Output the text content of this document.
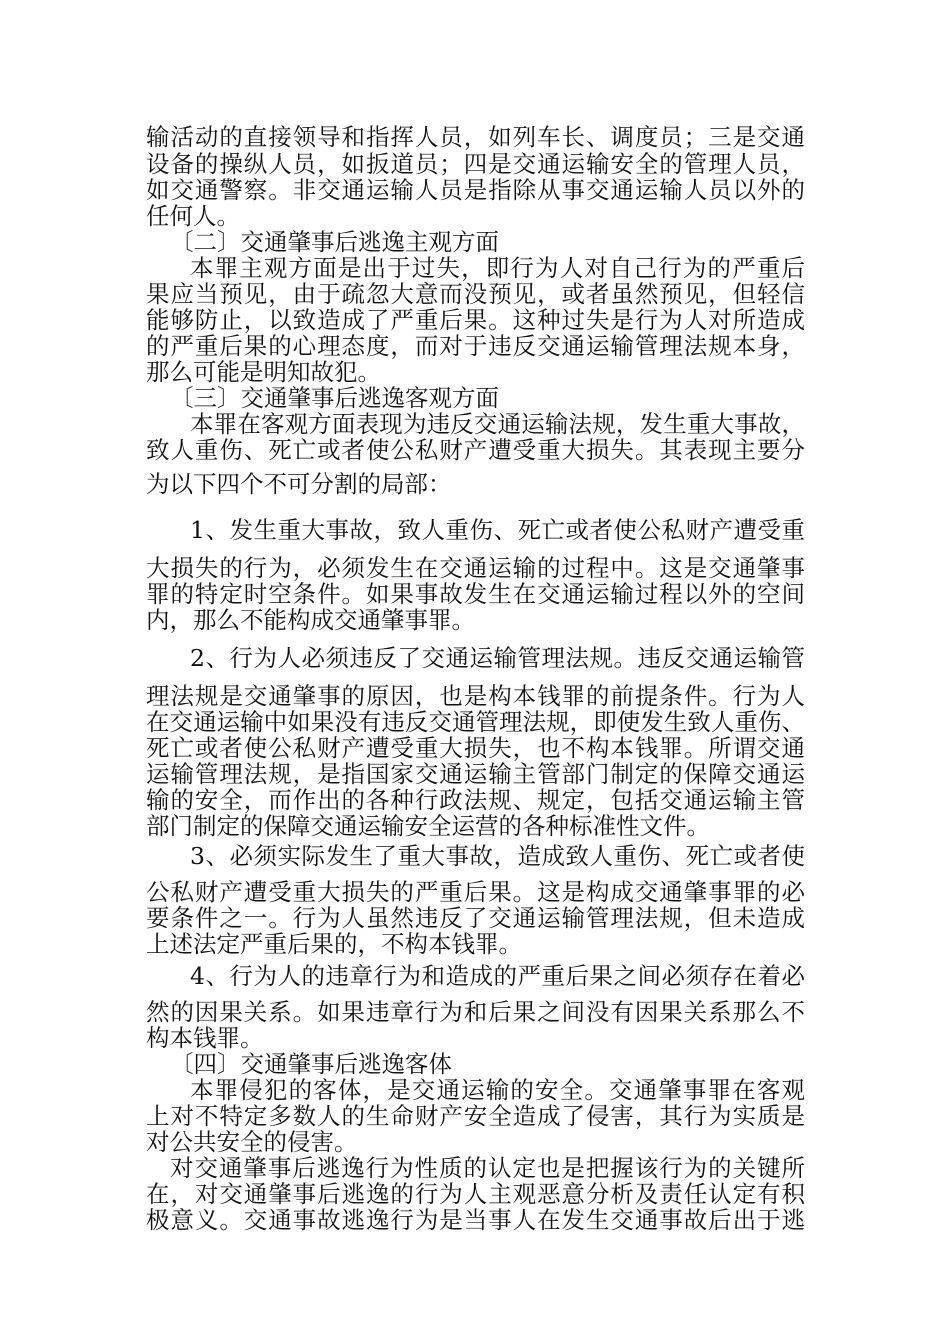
输活动的直接领导和指挥人员，如列车长、调度员；三是交通

设备的操纵人员，如扳道员；四是交通运输安全的管理人员，

如交通警察。非交通运输人员是指除从事交通运输人员以外的

任何人。

〔二〕交通肇事后逃逸主观方面

本罪主观方面是出于过失，即行为人对自己行为的严重后

果应当预见，由于疏忽大意而没预见，或者虽然预见，但轻信

能够防止，以致造成了严重后果。这种过失是行为人对所造成

的严重后果的心理态度，而对于违反交通运输管理法规本身，

那么可能是明知故犯。

〔三〕交通肇事后逃逸客观方面

本罪在客观方面表现为违反交通运输法规，发生重大事故，

致人重伤、死亡或者使公私财产遭受重大损失。其表现主要分

为以下四个不可分割的局部：

1、发生重大事故，致人重伤、死亡或者使公私财产遭受重

大损失的行为，必须发生在交通运输的过程中。这是交通肇事

罪的特定时空条件。如果事故发生在交通运输过程以外的空间

内，那么不能构成交通肇事罪。

2、行为人必须违反了交通运输管理法规。违反交通运输管

理法规是交通肇事的原因，也是构本钱罪的前提条件。行为人

在交通运输中如果没有违反交通管理法规，即使发生致人重伤、

死亡或者使公私财产遭受重大损失，也不构本钱罪。所谓交通

运输管理法规，是指国家交通运输主管部门制定的保障交通运

输的安全，而作出的各种行政法规、规定，包括交通运输主管

部门制定的保障交通运输安全运营的各种标准性文件。

3、必须实际发生了重大事故，造成致人重伤、死亡或者使

公私财产遭受重大损失的严重后果。这是构成交通肇事罪的必

要条件之一。行为人虽然违反了交通运输管理法规，但未造成

上述法定严重后果的，不构本钱罪。

4、行为人的违章行为和造成的严重后果之间必须存在着必

然的因果关系。如果违章行为和后果之间没有因果关系那么不

构本钱罪。

〔四〕交通肇事后逃逸客体

本罪侵犯的客体，是交通运输的安全。交通肇事罪在客观

上对不特定多数人的生命财产安全造成了侵害，其行为实质是

对公共安全的侵害。

对交通肇事后逃逸行为性质的认定也是把握该行为的关键所

在，对交通肇事后逃逸的行为人主观恶意分析及责任认定有积

极意义。交通事故逃逸行为是当事人在发生交通事故后出于逃
